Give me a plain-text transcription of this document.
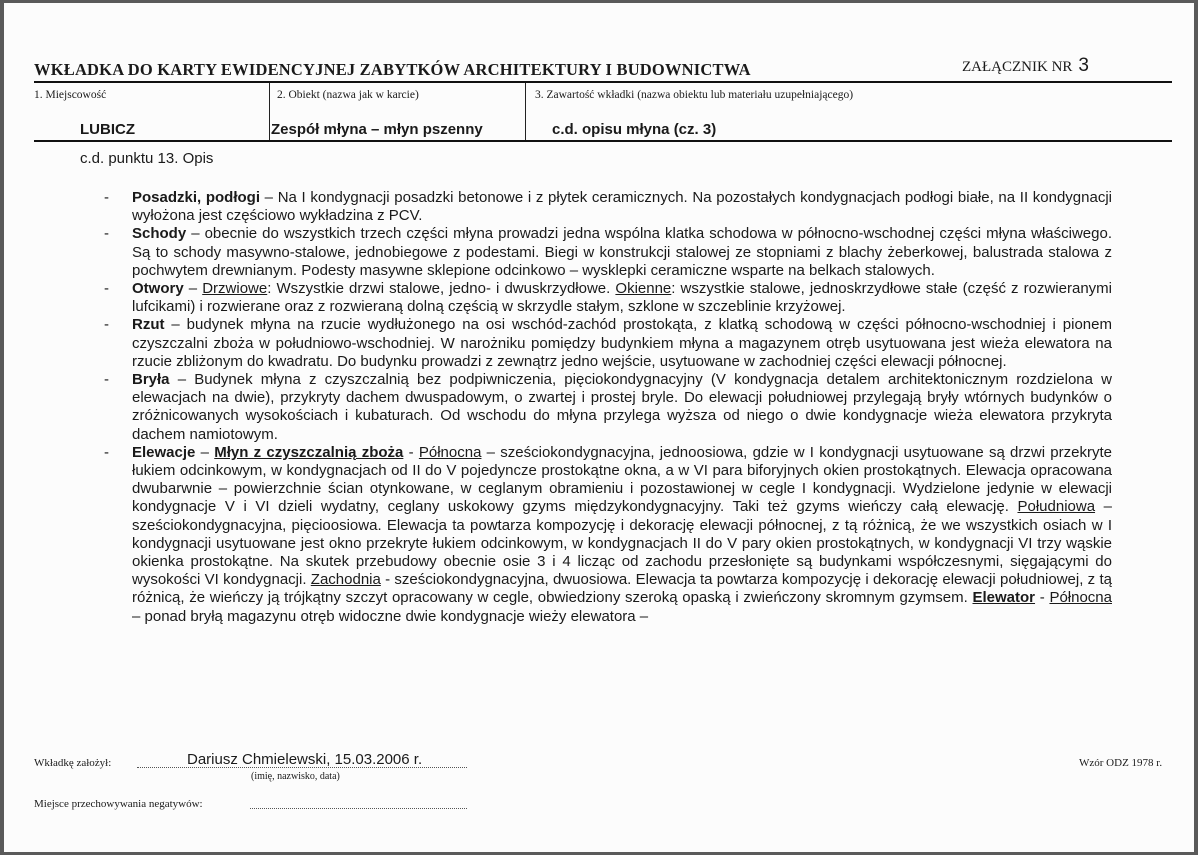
WKŁADKA DO KARTY EWIDENCYJNEJ ZABYTKÓW ARCHITEKTURY I BUDOWNICTWA	ZAŁĄCZNIK NR 3
1. Miejscowość	2. Obiekt (nazwa jak w karcie)	3. Zawartość wkładki (nazwa obiektu lub materiału uzupełniającego)
LUBICZ	Zespół młyna – młyn pszenny	c.d. opisu młyna (cz. 3)
c.d. punktu 13. Opis
- Posadzki, podłogi – Na I kondygnacji posadzki betonowe i z płytek ceramicznych. Na pozostałych kondygnacjach podłogi białe, na II kondygnacji wyłożona jest częściowo wykładzina z PCV.
- Schody – obecnie do wszystkich trzech części młyna prowadzi jedna wspólna klatka schodowa w północno-wschodnej części młyna właściwego. Są to schody masywno-stalowe, jednobiegowe z podestami. Biegi w konstrukcji stalowej ze stopniami z blachy żeberkowej, balustrada stalowa z pochwytem drewnianym. Podesty masywne sklepione odcinkowo – wysklepki ceramiczne wsparte na belkach stalowych.
- Otwory – Drzwiowe: Wszystkie drzwi stalowe, jedno- i dwuskrzydłowe. Okienne: wszystkie stalowe, jednoskrzydłowe stałe (część z rozwieranymi lufcikami) i rozwierane oraz z rozwieraną dolną częścią w skrzydle stałym, szklone w szczeblinie krzyżowej.
- Rzut – budynek młyna na rzucie wydłużonego na osi wschód-zachód prostokąta, z klatką schodową w części północno-wschodniej i pionem czyszczalni zboża w południowo-wschodniej. W narożniku pomiędzy budynkiem młyna a magazynem otręb usytuowana jest wieża elewatora na rzucie zbliżonym do kwadratu. Do budynku prowadzi z zewnątrz jedno wejście, usytuowane w zachodniej części elewacji północnej.
- Bryła – Budynek młyna z czyszczalnią bez podpiwniczenia, pięciokondygnacyjny (V kondygnacja detalem architektonicznym rozdzielona w elewacjach na dwie), przykryty dachem dwuspadowym, o zwartej i prostej bryle. Do elewacji południowej przylegają bryły wtórnych budynków o zróżnicowanych wysokościach i kubaturach. Od wschodu do młyna przylega wyższa od niego o dwie kondygnacje wieża elewatora przykryta dachem namiotowym.
- Elewacje – Młyn z czyszczalnią zboża - Północna – sześciokondygnacyjna, jednoosiowa, gdzie w I kondygnacji usytuowane są drzwi przekryte łukiem odcinkowym, w kondygnacjach od II do V pojedyncze prostokątne okna, a w VI para biforyjnych okien prostokątnych. Elewacja opracowana dwubarwnie – powierzchnie ścian otynkowane, w ceglanym obramieniu i pozostawionej w cegle I kondygnacji. Wydzielone jedynie w elewacji kondygnacje V i VI dzieli wydatny, ceglany uskokowy gzyms międzykondygnacyjny. Taki też gzyms wieńczy całą elewację. Południowa – sześciokondygnacyjna, pięcioosiowa. Elewacja ta powtarza kompozycję i dekorację elewacji północnej, z tą różnicą, że we wszystkich osiach w I kondygnacji usytuowane jest okno przekryte łukiem odcinkowym, w kondygnacjach II do V pary okien prostokątnych, w kondygnacji VI trzy wąskie okienka prostokątne. Na skutek przebudowy obecnie osie 3 i 4 licząc od zachodu przesłonięte są budynkami współczesnymi, sięgającymi do wysokości VI kondygnacji. Zachodnia - sześciokondygnacyjna, dwuosiowa. Elewacja ta powtarza kompozycję i dekorację elewacji południowej, z tą różnicą, że wieńczy ją trójkątny szczyt opracowany w cegle, obwiedziony szeroką opaską i zwieńczony skromnym gzymsem. Elewator - Północna – ponad bryłą magazynu otręb widoczne dwie kondygnacje wieży elewatora –
Wkładkę założył:	Dariusz Chmielewski, 15.03.2006 r.
(imię, nazwisko, data)
Miejsce przechowywania negatywów:
Wzór ODZ 1978 r.
